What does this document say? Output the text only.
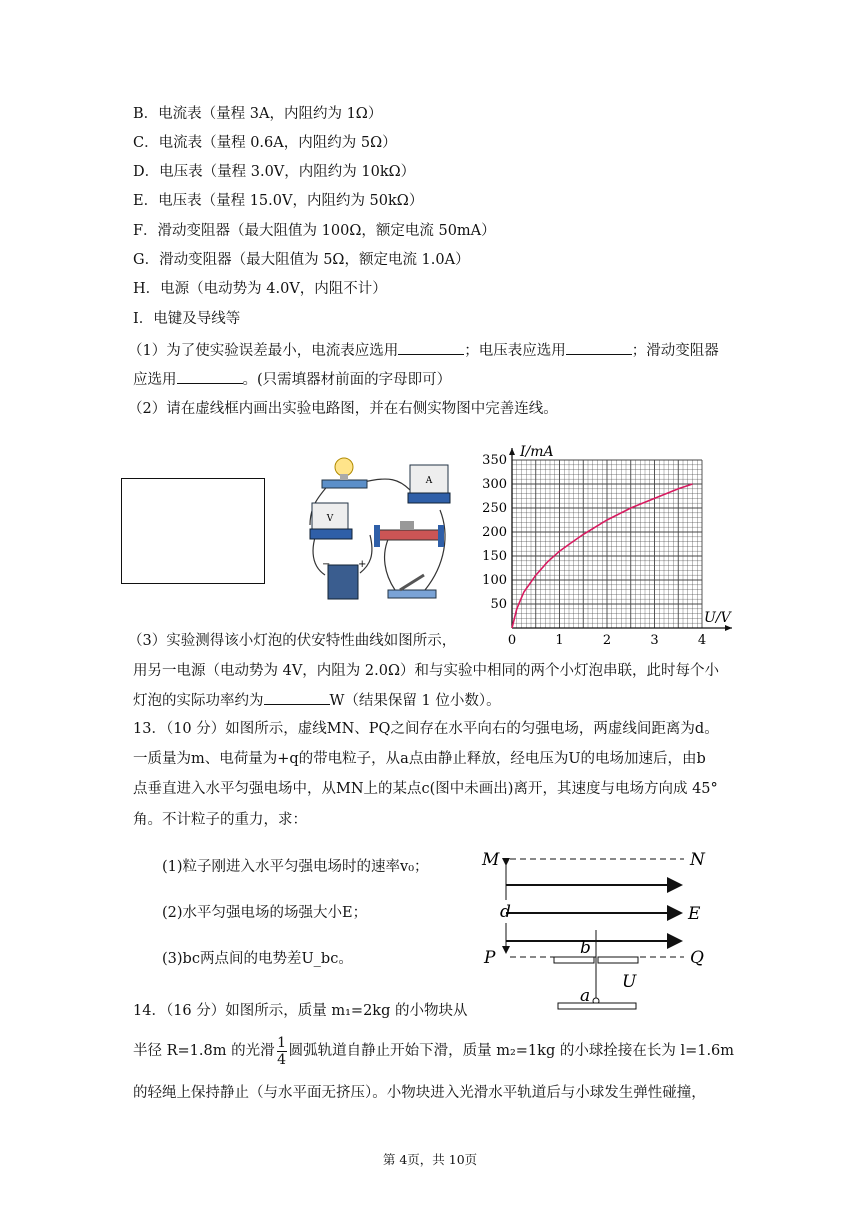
B．电流表（量程 3A，内阻约为 1Ω）
C．电流表（量程 0.6A，内阻约为 5Ω）
D．电压表（量程 3.0V，内阻约为 10kΩ）
E．电压表（量程 15.0V，内阻约为 50kΩ）
F．滑动变阻器（最大阻值为 100Ω，额定电流 50mA）
G．滑动变阻器（最大阻值为 5Ω，额定电流 1.0A）
H．电源（电动势为 4.0V，内阻不计）
I．电键及导线等
（1）为了使实验误差最小，电流表应选用	；电压表应选用	；滑动变阻器
应选用	。(只需填器材前面的字母即可）
（2）请在虚线框内画出实验电路图，并在右侧实物图中完善连线。
A
V
−	+
0	1	2	3	4
50
100
150
200
250
300
350
I/mA
U/V
（3）实验测得该小灯泡的伏安特性曲线如图所示，
用另一电源（电动势为 4V，内阻为 2.0Ω）和与实验中相同的两个小灯泡串联，此时每个小
灯泡的实际功率约为	W（结果保留 1 位小数）。
13．（10 分）如图所示，虚线MN、PQ之间存在水平向右的匀强电场，两虚线间距离为d。
一质量为m、电荷量为+q的带电粒子，从a点由静止释放，经电压为U的电场加速后，由b
点垂直进入水平匀强电场中，从MN上的某点c(图中未画出)离开，其速度与电场方向成 45°
角。不计粒子的重力，求：
(1)粒子刚进入水平匀强电场时的速率v₀；
(2)水平匀强电场的场强大小E；
(3)bc两点间的电势差U_bc。
M	N
d	E
P	Q
b
U
a
14．（16 分）如图所示，质量 m₁=2kg 的小物块从
半径 R=1.8m 的光滑 $\frac{1}{4}$ 圆弧轨道自静止开始下滑，质量 m₂=1kg 的小球拴接在长为 l=1.6m
的轻绳上保持静止（与水平面无挤压）。小物块进入光滑水平轨道后与小球发生弹性碰撞，
第 4页，共 10页
